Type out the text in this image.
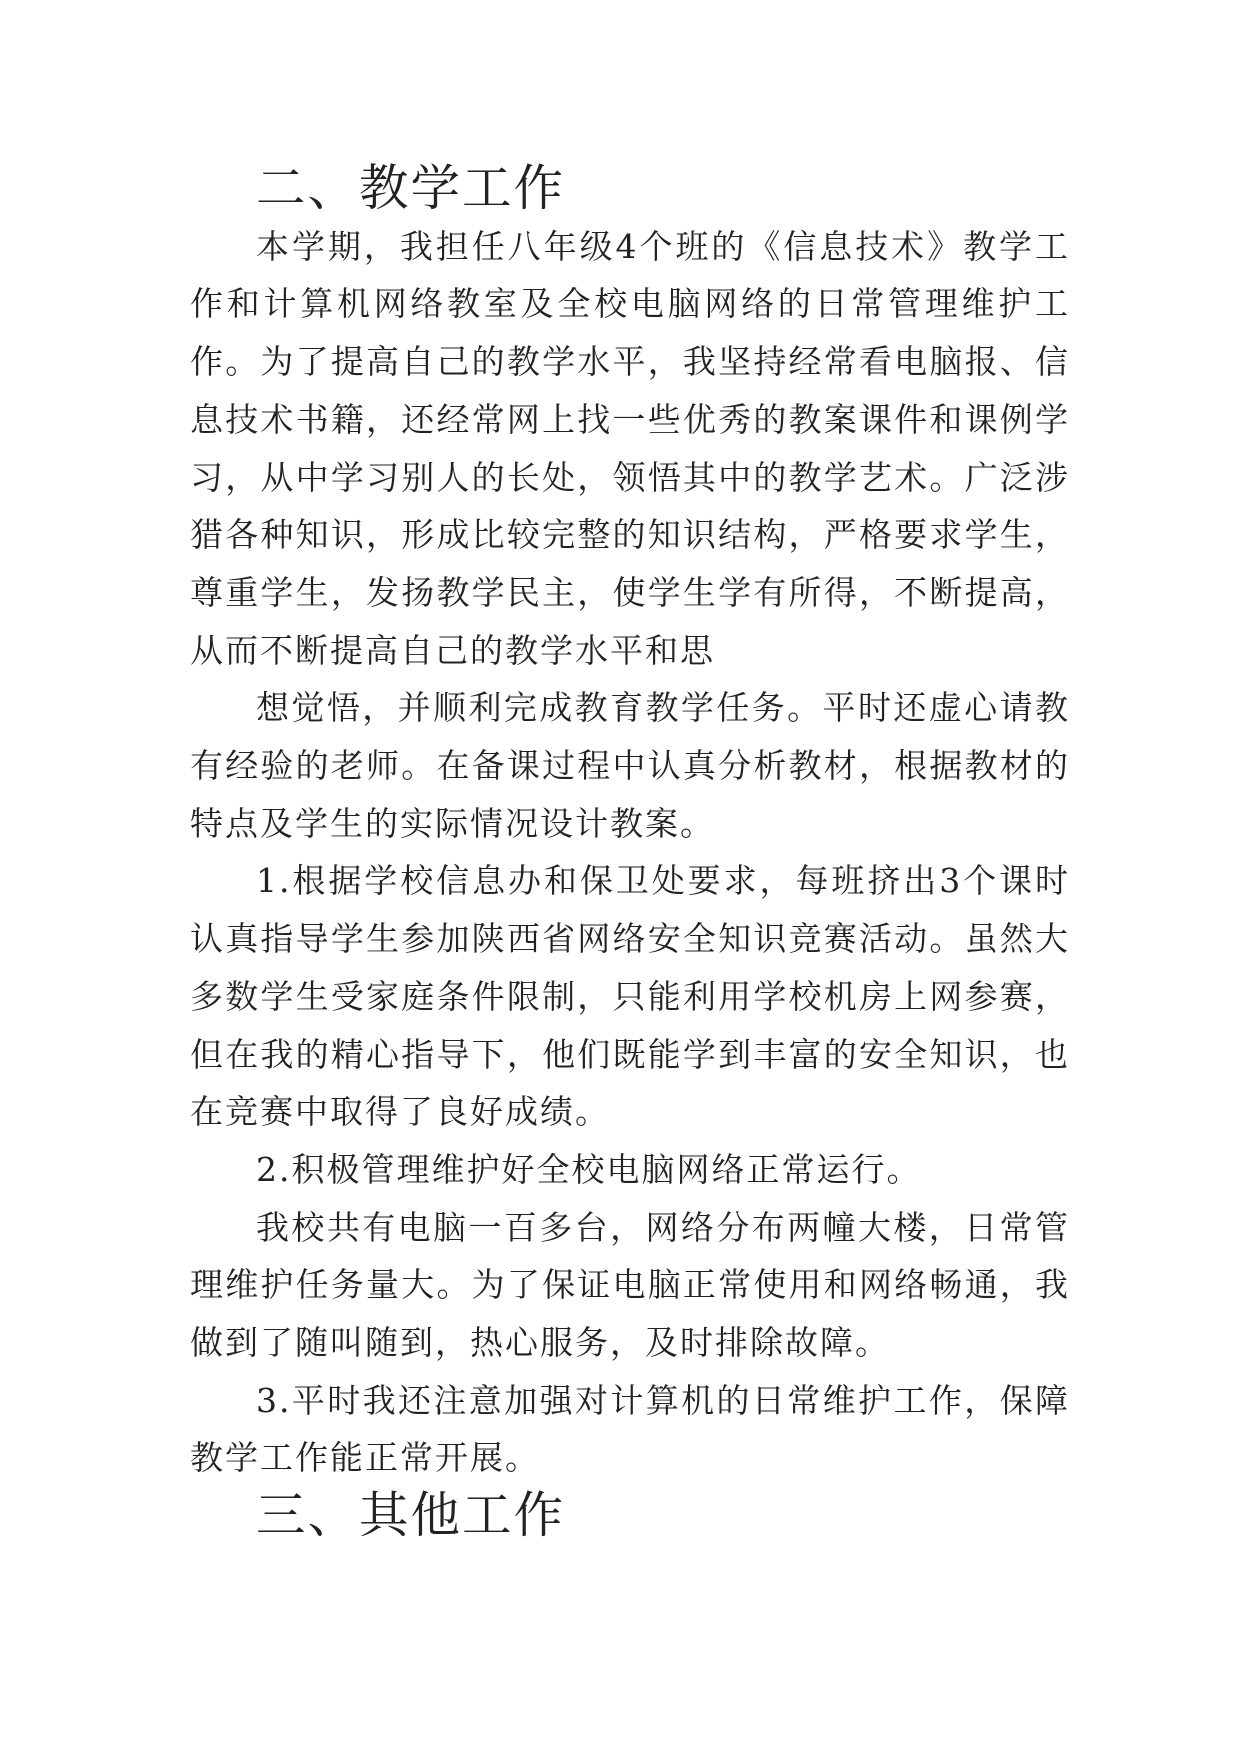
二、教学工作

本学期，我担任八年级4个班的《信息技术》教学工作和计算机网络教室及全校电脑网络的日常管理维护工作。为了提高自己的教学水平，我坚持经常看电脑报、信息技术书籍，还经常网上找一些优秀的教案课件和课例学习，从中学习别人的长处，领悟其中的教学艺术。广泛涉猎各种知识，形成比较完整的知识结构，严格要求学生，尊重学生，发扬教学民主，使学生学有所得，不断提高，从而不断提高自己的教学水平和思

想觉悟，并顺利完成教育教学任务。平时还虚心请教有经验的老师。在备课过程中认真分析教材，根据教材的特点及学生的实际情况设计教案。

1.根据学校信息办和保卫处要求，每班挤出3个课时认真指导学生参加陕西省网络安全知识竞赛活动。虽然大多数学生受家庭条件限制，只能利用学校机房上网参赛，但在我的精心指导下，他们既能学到丰富的安全知识，也在竞赛中取得了良好成绩。

2.积极管理维护好全校电脑网络正常运行。

我校共有电脑一百多台，网络分布两幢大楼，日常管理维护任务量大。为了保证电脑正常使用和网络畅通，我做到了随叫随到，热心服务，及时排除故障。

3.平时我还注意加强对计算机的日常维护工作，保障教学工作能正常开展。

三、其他工作
